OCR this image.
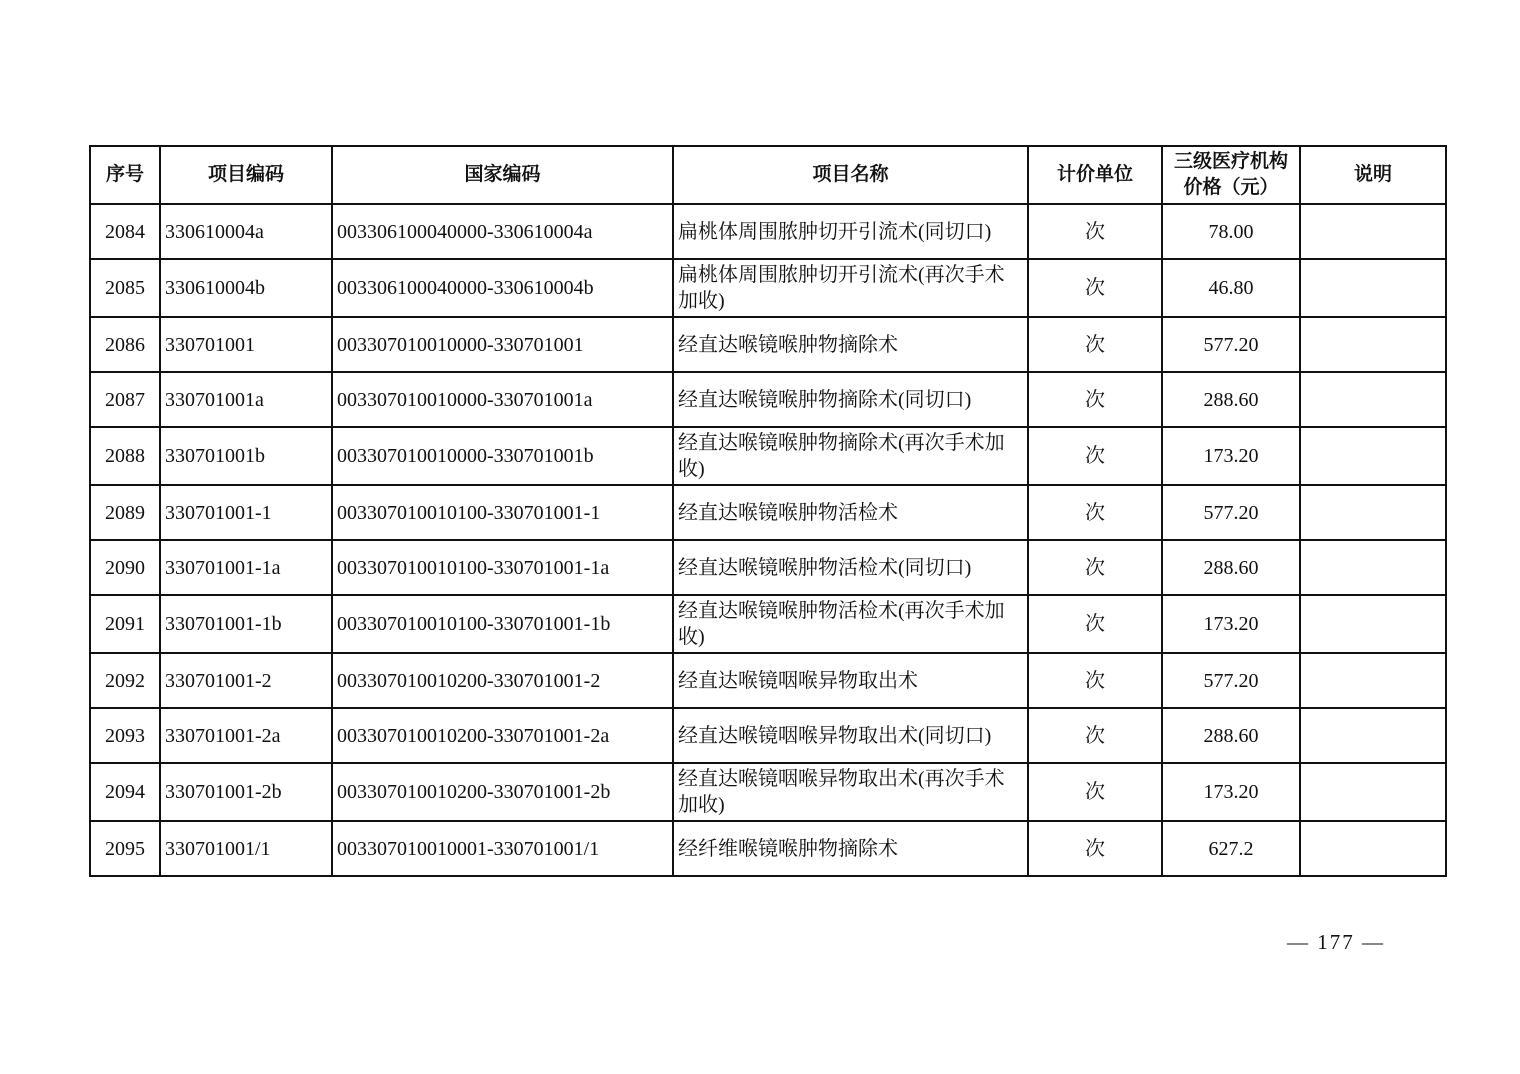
序号	项目编码	国家编码	项目名称	计价单位	三级医疗机构价格（元）	说明
2084	330610004a	003306100040000-330610004a	扁桃体周围脓肿切开引流术(同切口)	次	78.00	
2085	330610004b	003306100040000-330610004b	扁桃体周围脓肿切开引流术(再次手术加收)	次	46.80	
2086	330701001	003307010010000-330701001	经直达喉镜喉肿物摘除术	次	577.20	
2087	330701001a	003307010010000-330701001a	经直达喉镜喉肿物摘除术(同切口)	次	288.60	
2088	330701001b	003307010010000-330701001b	经直达喉镜喉肿物摘除术(再次手术加收)	次	173.20	
2089	330701001-1	003307010010100-330701001-1	经直达喉镜喉肿物活检术	次	577.20	
2090	330701001-1a	003307010010100-330701001-1a	经直达喉镜喉肿物活检术(同切口)	次	288.60	
2091	330701001-1b	003307010010100-330701001-1b	经直达喉镜喉肿物活检术(再次手术加收)	次	173.20	
2092	330701001-2	003307010010200-330701001-2	经直达喉镜咽喉异物取出术	次	577.20	
2093	330701001-2a	003307010010200-330701001-2a	经直达喉镜咽喉异物取出术(同切口)	次	288.60	
2094	330701001-2b	003307010010200-330701001-2b	经直达喉镜咽喉异物取出术(再次手术加收)	次	173.20	
2095	330701001/1	003307010010001-330701001/1	经纤维喉镜喉肿物摘除术	次	627.2	
— 177 —
